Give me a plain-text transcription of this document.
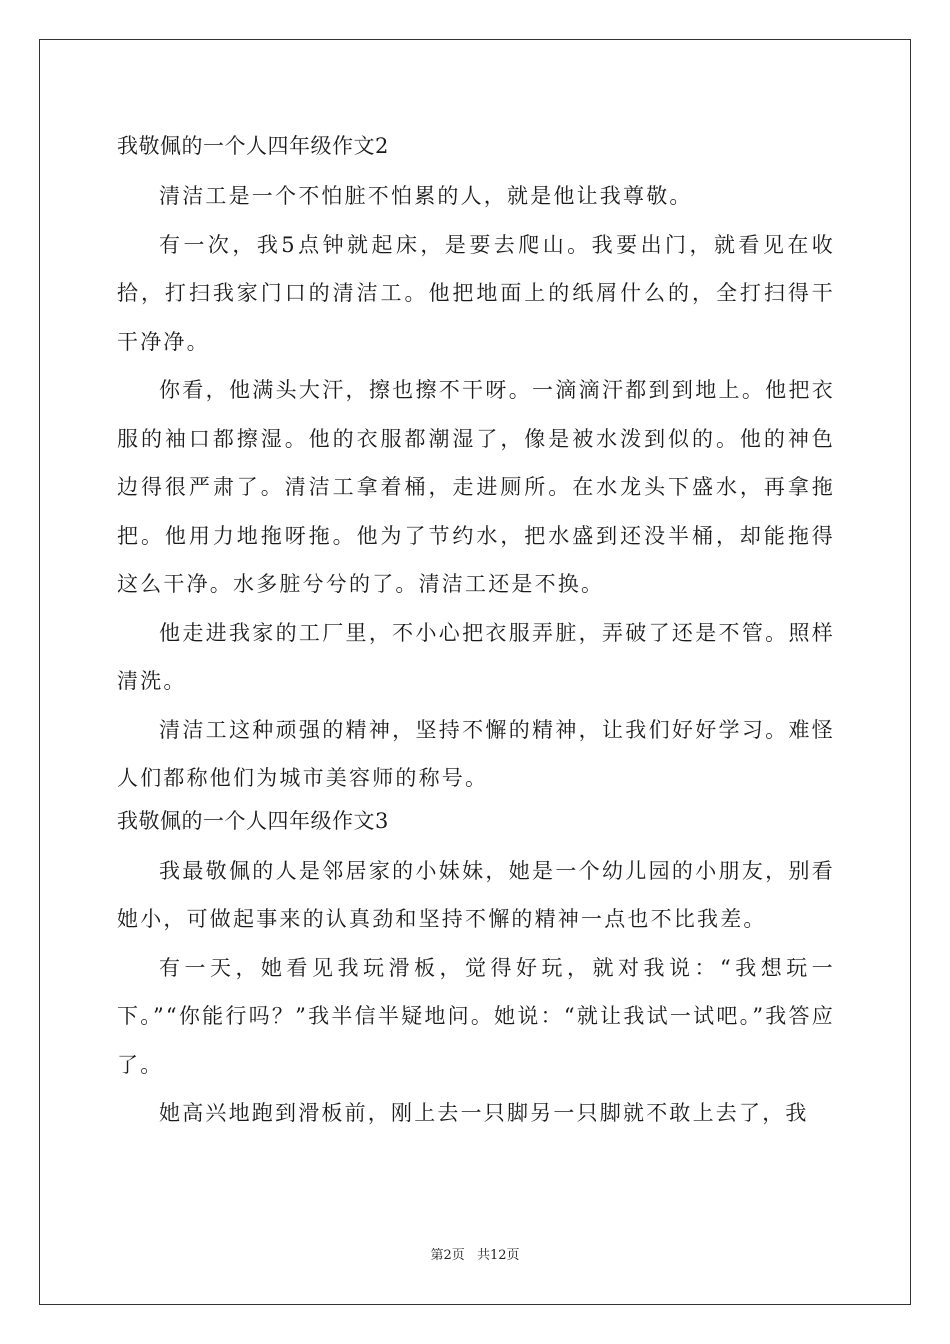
我敬佩的一个人四年级作文2

清洁工是一个不怕脏不怕累的人，就是他让我尊敬。

有一次，我5点钟就起床，是要去爬山。我要出门，就看见在收拾，打扫我家门口的清洁工。他把地面上的纸屑什么的，全打扫得干干净净。

你看，他满头大汗，擦也擦不干呀。一滴滴汗都到到地上。他把衣服的袖口都擦湿。他的衣服都潮湿了，像是被水泼到似的。他的神色边得很严肃了。清洁工拿着桶，走进厕所。在水龙头下盛水，再拿拖把。他用力地拖呀拖。他为了节约水，把水盛到还没半桶，却能拖得这么干净。水多脏兮兮的了。清洁工还是不换。

他走进我家的工厂里，不小心把衣服弄脏，弄破了还是不管。照样清洗。

清洁工这种顽强的精神，坚持不懈的精神，让我们好好学习。难怪人们都称他们为城市美容师的称号。

我敬佩的一个人四年级作文3

我最敬佩的人是邻居家的小妹妹，她是一个幼儿园的小朋友，别看她小，可做起事来的认真劲和坚持不懈的精神一点也不比我差。

有一天，她看见我玩滑板，觉得好玩，就对我说：“我想玩一下。”“你能行吗？”我半信半疑地问。她说：“就让我试一试吧。”我答应了。

她高兴地跑到滑板前，刚上去一只脚另一只脚就不敢上去了，我

第2页 共12页
